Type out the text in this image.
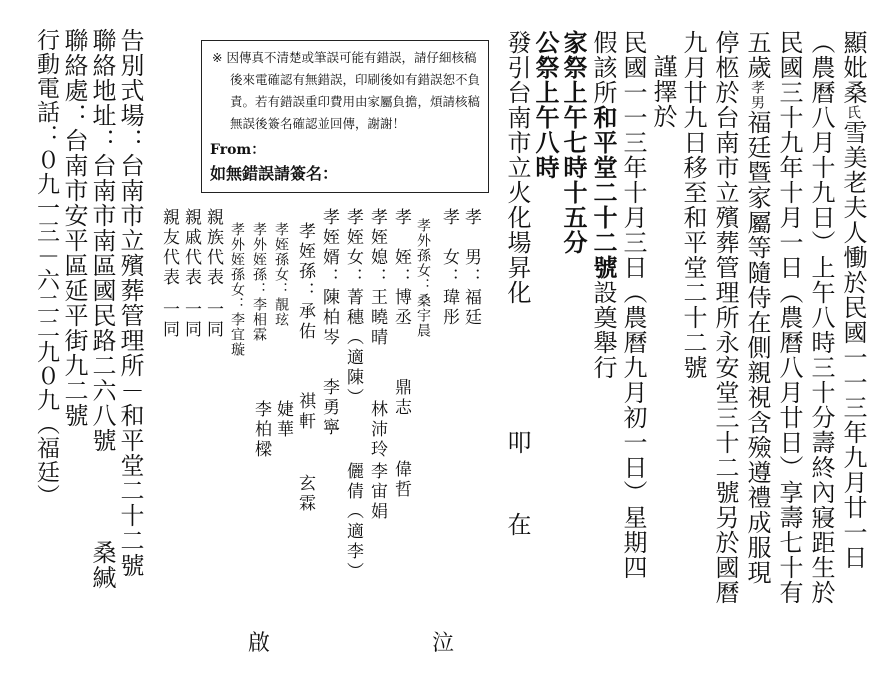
顯妣桑氏雪美老夫人慟於民國一一三年九月廿一日
（農曆八月十九日）上午八時三十分壽終內寢距生於
民國三十九年十月一日（農曆八月廿日）享壽七十有
五歲孝男福廷暨家屬等隨侍在側親視含殮遵禮成服現
停柩於台南市立殯葬管理所永安堂三十二號另於國曆
九月廿九日移至和平堂二十二號
謹擇於
民國一一三年十月三日（農曆九月初一日）星期四
假該所和平堂二十二號設奠舉行
家祭上午七時十五分
公祭上午八時
發引台南市立火化場昇化
叩
在
孝　男：福廷
孝　女：瑋彤
孝外孫女：桑宇晨
孝　姪：博丞
鼎志
偉哲
孝姪媳：王曉晴
林沛玲
李宙娟
孝姪女：菁穗（適陳）
儷倩（適李）
孝姪婿：陳柏岑
李勇寧
孝姪孫：承佑
祺軒
玄霖
孝姪孫女：靚玹
婕華
孝外姪孫：李相霖
李柏樑
孝外姪孫女：李宜璇
親族代表一同
親戚代表一同
親友代表一同
※ 因傳真不清楚或筆誤可能有錯誤，請仔細核稿後來電確認有無錯誤，印刷後如有錯誤恕不負責。若有錯誤重印費用由家屬負擔，煩請核稿無誤後簽名確認並回傳，謝謝！
From：
如無錯誤請簽名：
告別式場：台南市立殯葬管理所－和平堂二十二號
聯絡地址：台南市南區國民路二六八號
桑緘
聯絡處：台南市安平區延平街九二號
行動電話：０九一三－六二二九０九（福廷）
啟	泣
